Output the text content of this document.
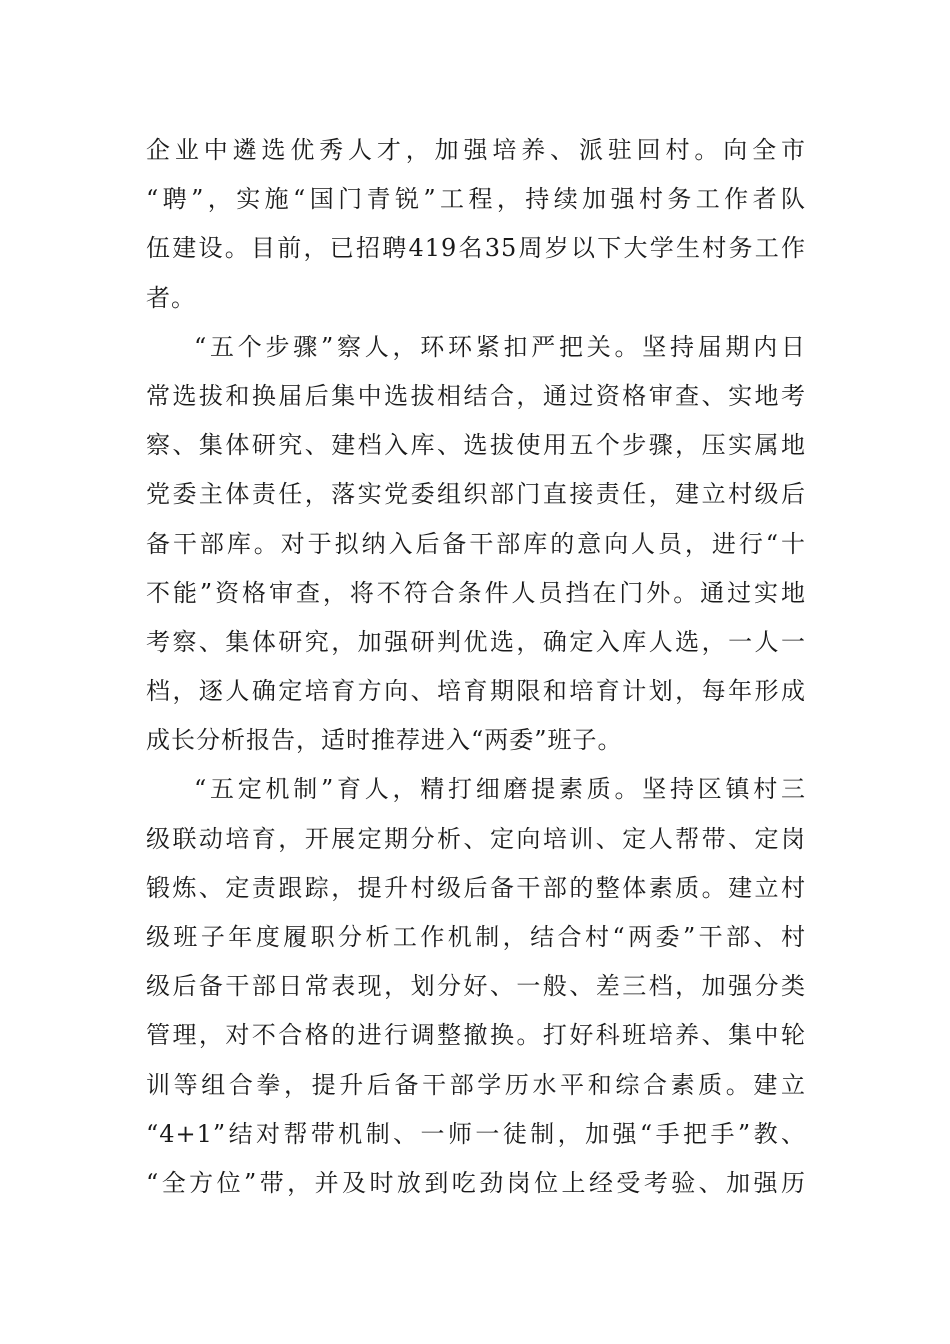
企业中遴选优秀人才，加强培养、派驻回村。向全市
“聘”，实施“国门青锐”工程，持续加强村务工作者队
伍建设。目前，已招聘419名35周岁以下大学生村务工作
者。
“五个步骤”察人，环环紧扣严把关。坚持届期内日
常选拔和换届后集中选拔相结合，通过资格审查、实地考
察、集体研究、建档入库、选拔使用五个步骤，压实属地
党委主体责任，落实党委组织部门直接责任，建立村级后
备干部库。对于拟纳入后备干部库的意向人员，进行“十
不能”资格审查，将不符合条件人员挡在门外。通过实地
考察、集体研究，加强研判优选，确定入库人选，一人一
档，逐人确定培育方向、培育期限和培育计划，每年形成
成长分析报告，适时推荐进入“两委”班子。
“五定机制”育人，精打细磨提素质。坚持区镇村三
级联动培育，开展定期分析、定向培训、定人帮带、定岗
锻炼、定责跟踪，提升村级后备干部的整体素质。建立村
级班子年度履职分析工作机制，结合村“两委”干部、村
级后备干部日常表现，划分好、一般、差三档，加强分类
管理，对不合格的进行调整撤换。打好科班培养、集中轮
训等组合拳，提升后备干部学历水平和综合素质。建立
“4+1”结对帮带机制、一师一徒制，加强“手把手”教、
“全方位”带，并及时放到吃劲岗位上经受考验、加强历
